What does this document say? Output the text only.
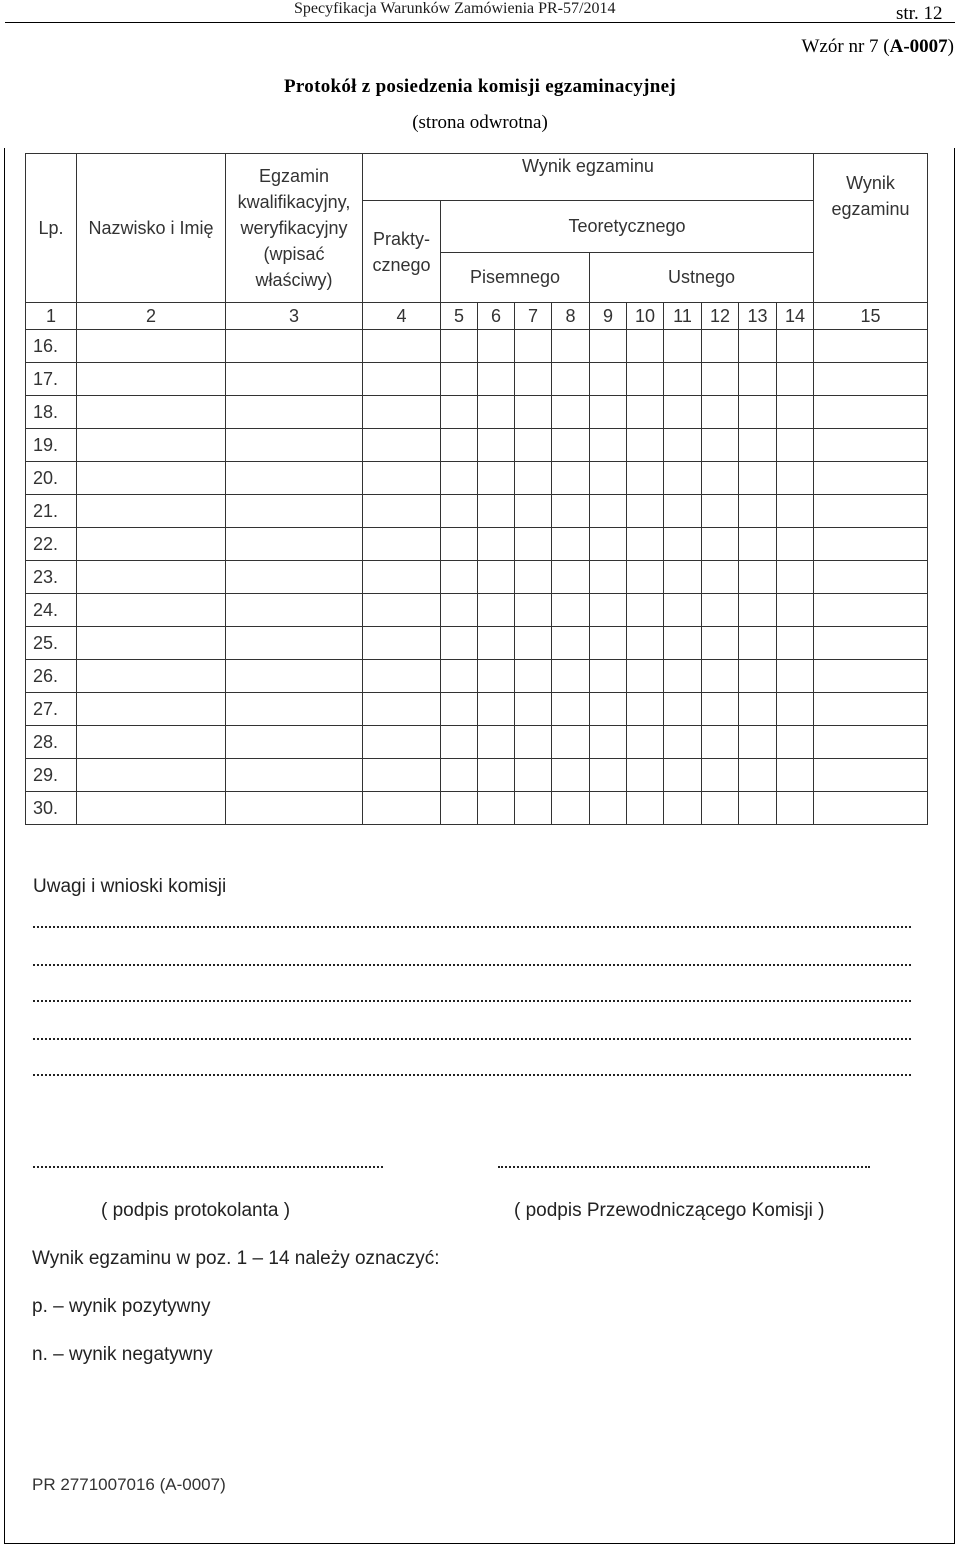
Specyfikacja Warunków Zamówienia PR-57/2014	str. 12
Wzór nr 7 (A-0007)
Protokół z posiedzenia komisji egzaminacyjnej
(strona odwrotna)
Lp.	Nazwisko i Imię	Egzamin kwalifikacyjny, weryfikacyjny (wpisać właściwy)	Wynik egzaminu											Wynik egzaminu
			Prakty- cznego	Teoretycznego										
				Pisemnego				Ustnego						
1	2	3	4	5	6	7	8	9	10	11	12	13	14	15
16.														
17.														
18.														
19.														
20.														
21.														
22.														
23.														
24.														
25.														
26.														
27.														
28.														
29.														
30.														
Uwagi i wnioski komisji
( podpis protokolanta )	( podpis Przewodniczącego Komisji )
Wynik egzaminu w poz. 1 – 14 należy oznaczyć:
p. – wynik pozytywny
n. – wynik negatywny
PR 2771007016 (A-0007)
